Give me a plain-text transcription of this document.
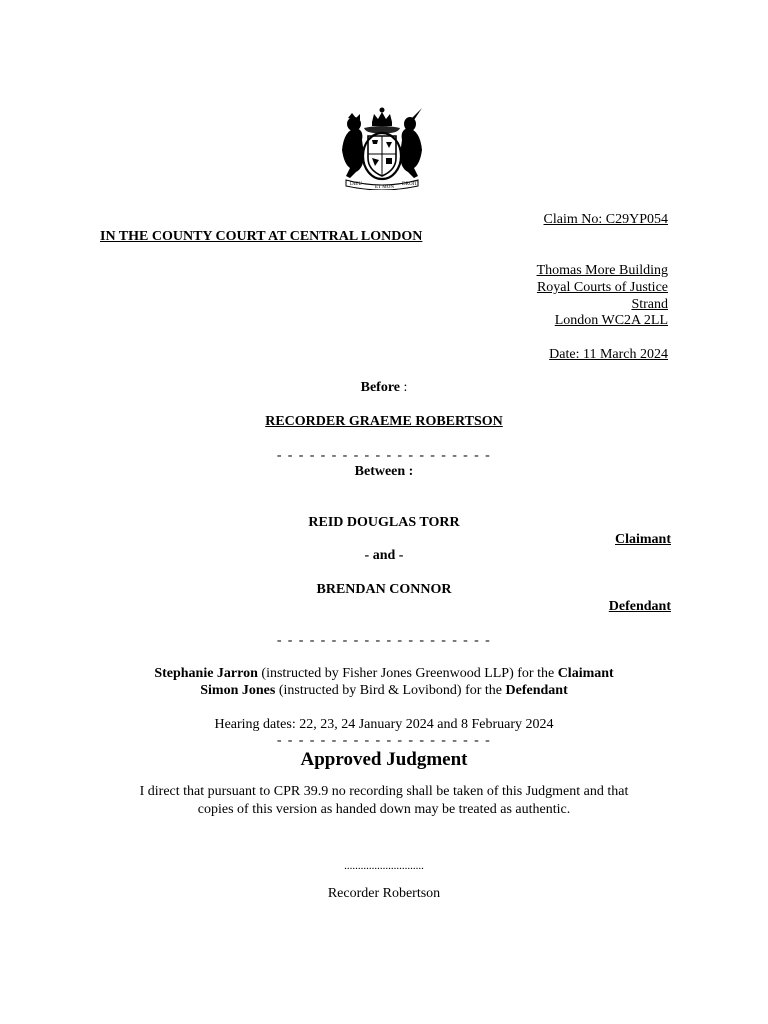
DIEU
ET MON
DROIT
Claim No: C29YP054
IN THE COUNTY COURT AT CENTRAL LONDON
Thomas More Building
Royal Courts of Justice
Strand
London WC2A 2LL
Date: 11 March 2024
Before :
RECORDER GRAEME ROBERTSON
- - - - - - - - - - - - - - - - - - - -
Between :
REID DOUGLAS TORR
Claimant
- and -
BRENDAN CONNOR
Defendant
- - - - - - - - - - - - - - - - - - - -
Stephanie Jarron (instructed by Fisher Jones Greenwood LLP) for the Claimant
Simon Jones (instructed by Bird & Lovibond) for the Defendant
Hearing dates: 22, 23, 24 January 2024 and 8 February 2024
- - - - - - - - - - - - - - - - - - - -
Approved Judgment
I direct that pursuant to CPR 39.9 no recording shall be taken of this Judgment and that
copies of this version as handed down may be treated as authentic.
.............................
Recorder Robertson
